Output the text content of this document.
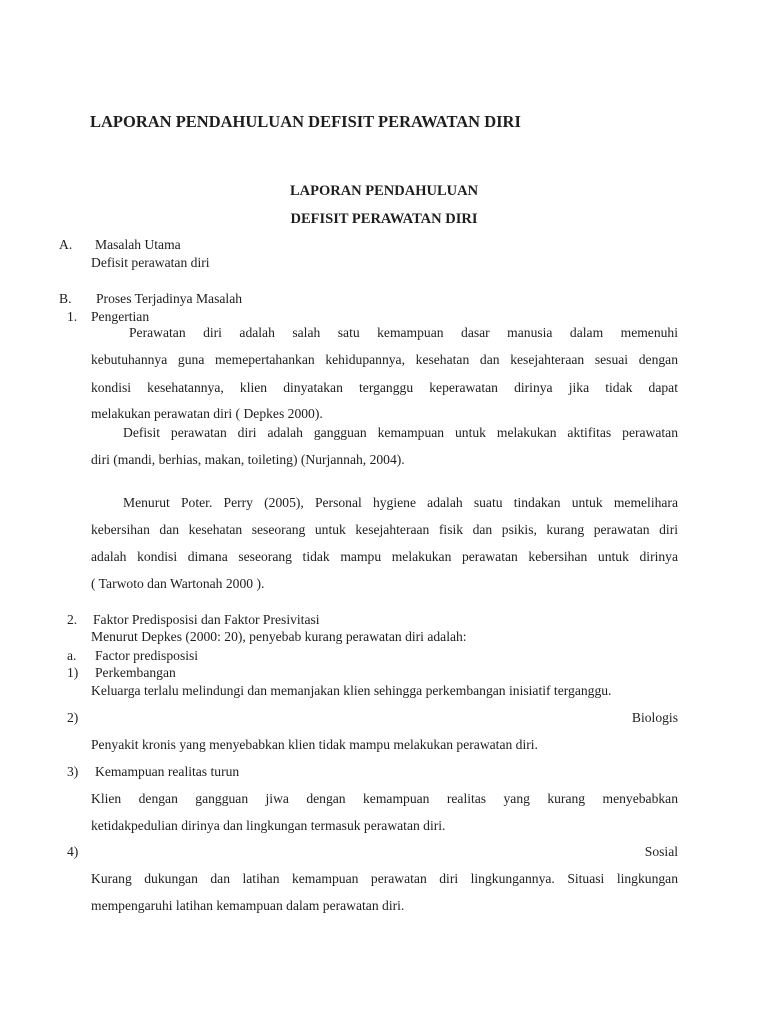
LAPORAN PENDAHULUAN DEFISIT PERAWATAN DIRI
LAPORAN PENDAHULUAN
DEFISIT PERAWATAN DIRI
A. Masalah Utama
Defisit perawatan diri
B. Proses Terjadinya Masalah
1. Pengertian
Perawatan diri adalah salah satu kemampuan dasar manusia dalam memenuhi
kebutuhannya guna memepertahankan kehidupannya, kesehatan dan kesejahteraan sesuai dengan
kondisi kesehatannya, klien dinyatakan terganggu keperawatan dirinya jika tidak dapat
melakukan perawatan diri ( Depkes 2000).
Defisit perawatan diri adalah gangguan kemampuan untuk melakukan aktifitas perawatan
diri (mandi, berhias, makan, toileting) (Nurjannah, 2004).
Menurut Poter. Perry (2005), Personal hygiene adalah suatu tindakan untuk memelihara
kebersihan dan kesehatan seseorang untuk kesejahteraan fisik dan psikis, kurang perawatan diri
adalah kondisi dimana seseorang tidak mampu melakukan perawatan kebersihan untuk dirinya
( Tarwoto dan Wartonah 2000 ).
2. Faktor Predisposisi dan Faktor Presivitasi
Menurut Depkes (2000: 20), penyebab kurang perawatan diri adalah:
a. Factor predisposisi
1) Perkembangan
Keluarga terlalu melindungi dan memanjakan klien sehingga perkembangan inisiatif terganggu.
2)	Biologis
Penyakit kronis yang menyebabkan klien tidak mampu melakukan perawatan diri.
3) Kemampuan realitas turun
Klien dengan gangguan jiwa dengan kemampuan realitas yang kurang menyebabkan
ketidakpedulian dirinya dan lingkungan termasuk perawatan diri.
4)	Sosial
Kurang dukungan dan latihan kemampuan perawatan diri lingkungannya. Situasi lingkungan
mempengaruhi latihan kemampuan dalam perawatan diri.
